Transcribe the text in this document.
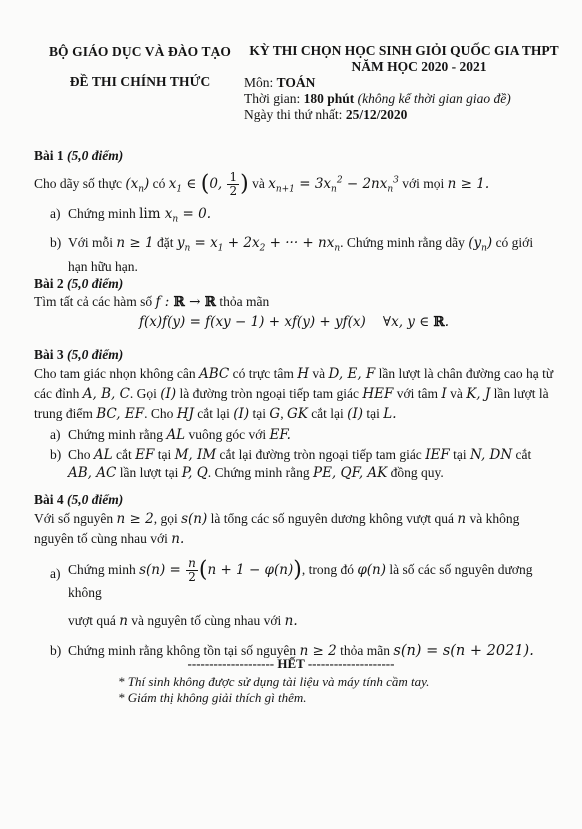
BỘ GIÁO DỤC VÀ ĐÀO TẠO
ĐỀ THI CHÍNH THỨC
KỲ THI CHỌN HỌC SINH GIỎI QUỐC GIA THPT
NĂM HỌC 2020 - 2021
Môn: TOÁN
Thời gian: 180 phút (không kể thời gian giao đề)
Ngày thi thứ nhất: 25/12/2020

Bài 1 (5,0 điểm)

Cho dãy số thực $(x_n)$ có $x_1$ ∈ (0, $\frac{1}{2}$ ) và $x_{n+1} = 3x_n^2 - 2nx_n^3$ với mọi n ≥ 1.

a) Chứng minh $\lim x_n = 0$.

b) Với mỗi n ≥ 1 đặt $y_n = x_1 + 2x_2$ + ··· + $nx_n$. Chứng minh rằng dãy $(y_n)$ có giới hạn hữu hạn.

Bài 2 (5,0 điểm)

Tìm tất cả các hàm số f : ℝ → ℝ thỏa mãn

f(x)f(y) = f(xy − 1) + xf(y) + yf(x)    ∀x, y ∈ ℝ.

Bài 3 (5,0 điểm)

Cho tam giác nhọn không cân ABC có trực tâm H và D, E, F lần lượt là chân đường cao hạ từ các đỉnh A, B, C. Gọi (I) là đường tròn ngoại tiếp tam giác HEF với tâm I và K, J lần lượt là trung điểm BC, EF. Cho HJ cắt lại (I) tại G, GK cắt lại (I) tại L.

a) Chứng minh rằng AL vuông góc với EF.

b) Cho AL cắt EF tại M, IM cắt lại đường tròn ngoại tiếp tam giác IEF tại N, DN cắt AB, AC lần lượt tại P, Q. Chứng minh rằng PE, QF, AK đồng quy.

Bài 4 (5,0 điểm)

Với số nguyên n ≥ 2, gọi s(n) là tổng các số nguyên dương không vượt quá n và không nguyên tố cùng nhau với n.

a) Chứng minh $s(n) = \frac{n}{2} (n + 1 - \varphi(n))$, trong đó φ(n) là số các số nguyên dương không

vượt quá n và nguyên tố cùng nhau với n.

b) Chứng minh rằng không tồn tại số nguyên n ≥ 2 thỏa mãn s(n) = s(n + 2021).

-------------------- HẾT --------------------
* Thí sinh không được sử dụng tài liệu và máy tính cầm tay.
* Giám thị không giải thích gì thêm.
